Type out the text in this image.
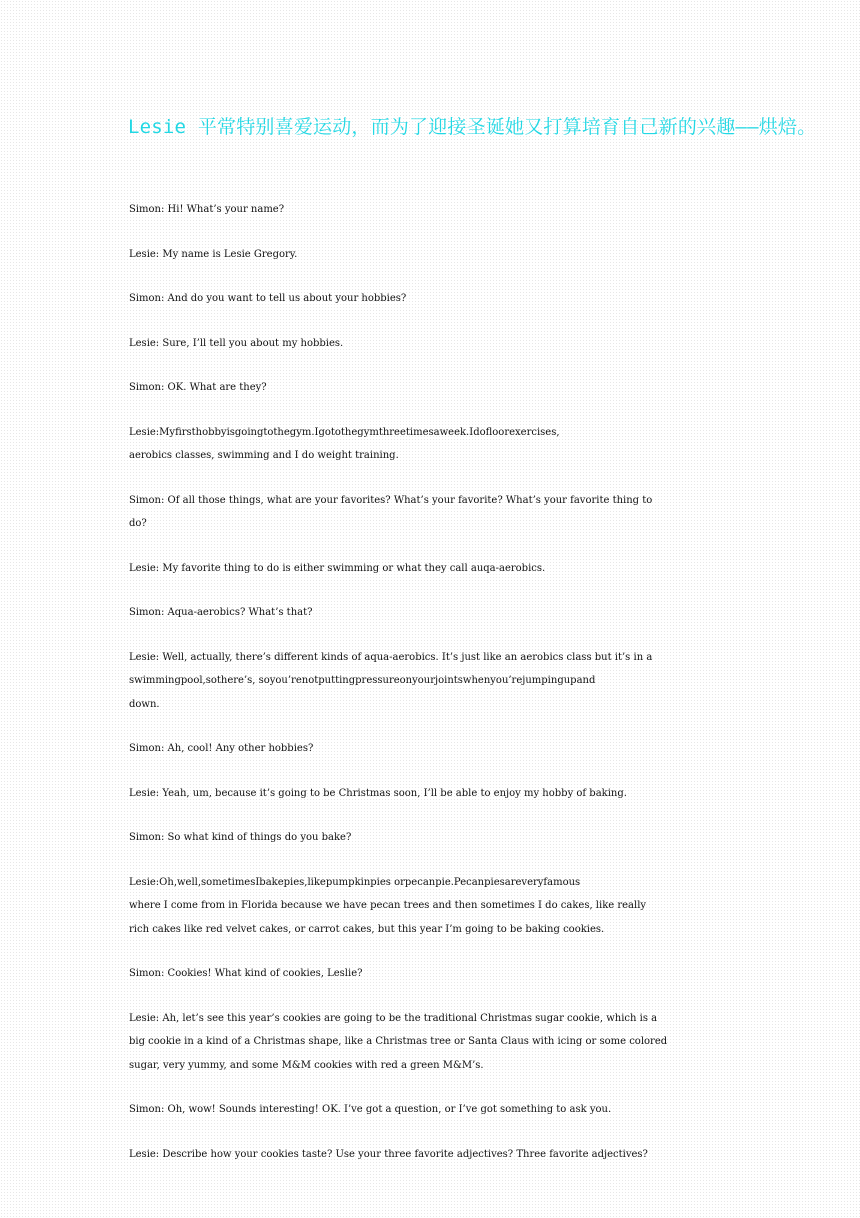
Lesie 平常特别喜爱运动，而为了迎接圣诞她又打算培育自己新的兴趣——烘焙。

Simon: Hi! What’s your name?

Lesie: My name is Lesie Gregory.

Simon: And do you want to tell us about your hobbies?

Lesie: Sure, I’ll tell you about my hobbies.

Simon: OK. What are they?

Lesie:Myfirsthobbyisgoingtothegym.Igotothegymthreetimesaweek.Idofloorexercises,
aerobics classes, swimming and I do weight training.

Simon: Of all those things, what are your favorites? What’s your favorite? What’s your favorite thing to
do?

Lesie: My favorite thing to do is either swimming or what they call auqa-aerobics.

Simon: Aqua-aerobics? What’s that?

Lesie: Well, actually, there’s different kinds of aqua-aerobics. It’s just like an aerobics class but it’s in a
swimmingpool,sothere’s, soyou’renotputtingpressureonyourjointswhenyou’rejumpingupand
down.

Simon: Ah, cool! Any other hobbies?

Lesie: Yeah, um, because it’s going to be Christmas soon, I’ll be able to enjoy my hobby of baking.

Simon: So what kind of things do you bake?

Lesie:Oh,well,sometimesIbakepies,likepumpkinpies orpecanpie.Pecanpiesareveryfamous
where I come from in Florida because we have pecan trees and then sometimes I do cakes, like really
rich cakes like red velvet cakes, or carrot cakes, but this year I’m going to be baking cookies.

Simon: Cookies! What kind of cookies, Leslie?

Lesie: Ah, let’s see this year’s cookies are going to be the traditional Christmas sugar cookie, which is a
big cookie in a kind of a Christmas shape, like a Christmas tree or Santa Claus with icing or some colored
sugar, very yummy, and some M&M cookies with red a green M&M’s.

Simon: Oh, wow! Sounds interesting! OK. I’ve got a question, or I’ve got something to ask you.

Lesie: Describe how your cookies taste? Use your three favorite adjectives? Three favorite adjectives?
